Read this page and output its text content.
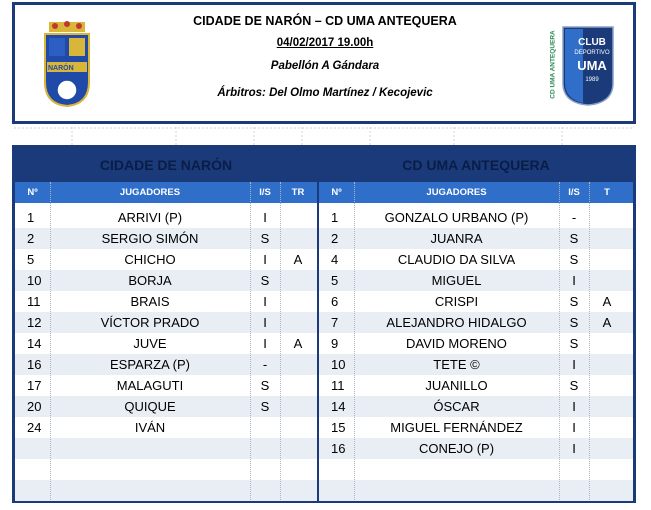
NARÓN
CIDADE DE NARÓN – CD UMA ANTEQUERA
04/02/2017 19.00h
Pabellón A Gándara
Árbitros: Del Olmo Martínez / Kecojevic	CD UMA ANTEQUERA	CLUB
DEPORTIVO
UMA
1989
CIDADE DE NARÓN	CD UMA ANTEQUERA
Nº	JUGADORES	I/S	TR	Nº	JUGADORES	I/S	T
1	ARRIVI (P)	I
2	SERGIO SIMÓN	S
5	CHICHO	I	A
10	BORJA	S
11	BRAIS	I
12	VÍCTOR PRADO	I
14	JUVE	I	A
16	ESPARZA (P)	-
17	MALAGUTI	S
20	QUIQUE	S
24	IVÁN
1	GONZALO URBANO (P)	-
2	JUANRA	S
4	CLAUDIO DA SILVA	S
5	MIGUEL	I
6	CRISPI	S	A
7	ALEJANDRO HIDALGO	S	A
9	DAVID MORENO	S
10	TETE ©	I
11	JUANILLO	S
14	ÓSCAR	I
15	MIGUEL FERNÁNDEZ	I
16	CONEJO (P)	I
